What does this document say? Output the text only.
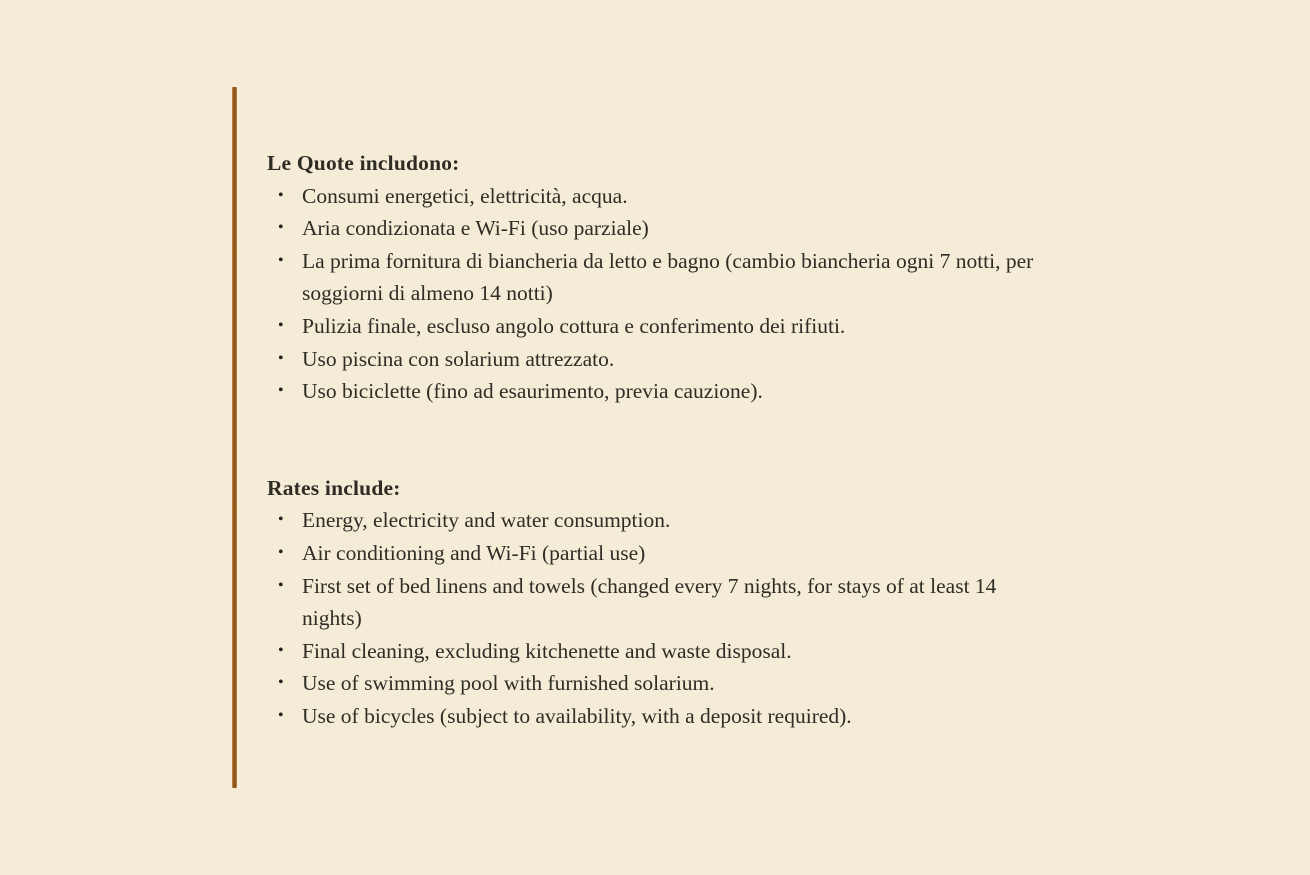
Le Quote includono:
• Consumi energetici, elettricità, acqua.
• Aria condizionata e Wi-Fi (uso parziale)
• La prima fornitura di biancheria da letto e bagno (cambio biancheria ogni 7 notti, per soggiorni di almeno 14 notti)
• Pulizia finale, escluso angolo cottura e conferimento dei rifiuti.
• Uso piscina con solarium attrezzato.
• Uso biciclette (fino ad esaurimento, previa cauzione).
Rates include:
• Energy, electricity and water consumption.
• Air conditioning and Wi-Fi (partial use)
• First set of bed linens and towels (changed every 7 nights, for stays of at least 14 nights)
• Final cleaning, excluding kitchenette and waste disposal.
• Use of swimming pool with furnished solarium.
• Use of bicycles (subject to availability, with a deposit required).
